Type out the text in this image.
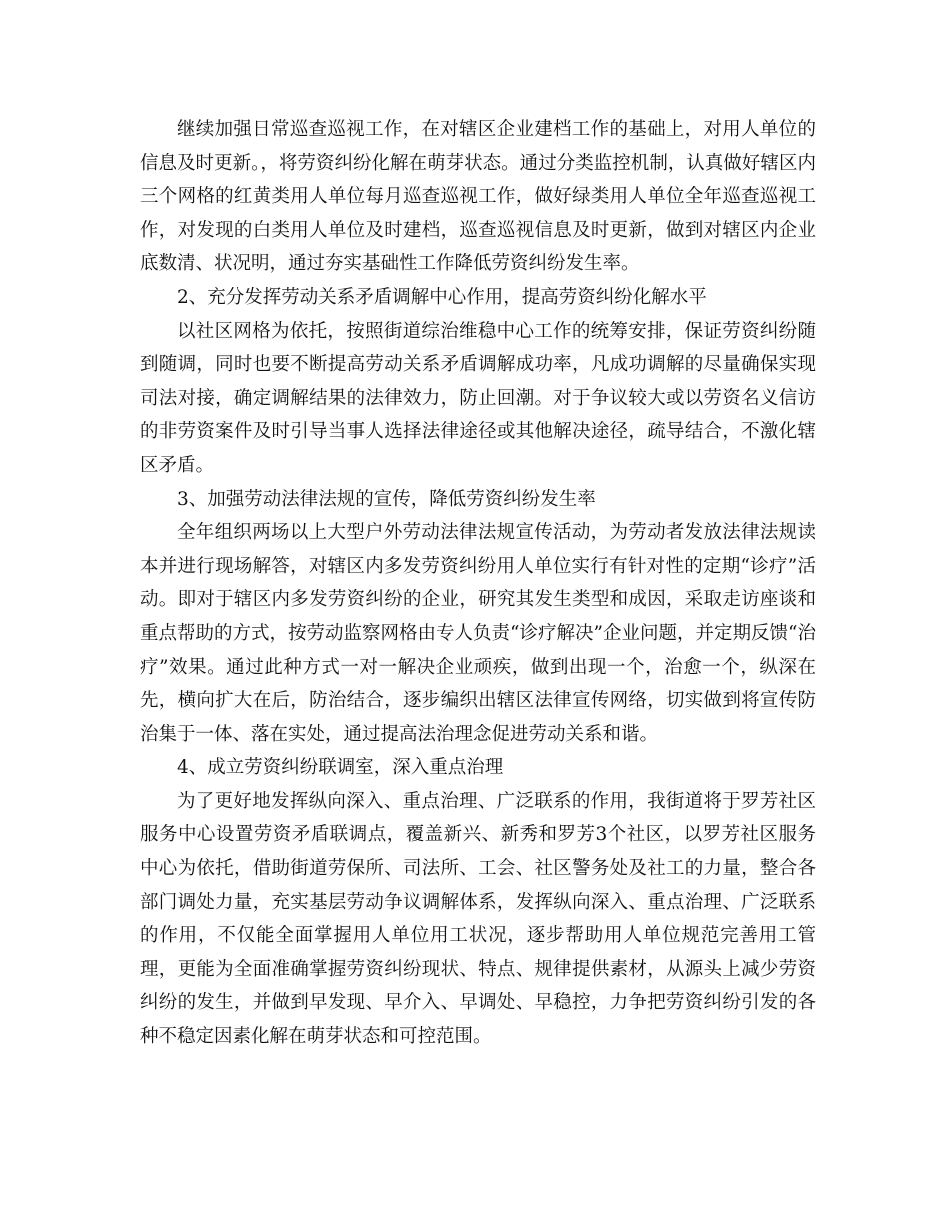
继续加强日常巡查巡视工作，在对辖区企业建档工作的基础上，对用人单位的信息及时更新。，将劳资纠纷化解在萌芽状态。通过分类监控机制，认真做好辖区内三个网格的红黄类用人单位每月巡查巡视工作，做好绿类用人单位全年巡查巡视工作，对发现的白类用人单位及时建档，巡查巡视信息及时更新，做到对辖区内企业底数清、状况明，通过夯实基础性工作降低劳资纠纷发生率。

2、充分发挥劳动关系矛盾调解中心作用，提高劳资纠纷化解水平

以社区网格为依托，按照街道综治维稳中心工作的统筹安排，保证劳资纠纷随到随调，同时也要不断提高劳动关系矛盾调解成功率，凡成功调解的尽量确保实现司法对接，确定调解结果的法律效力，防止回潮。对于争议较大或以劳资名义信访的非劳资案件及时引导当事人选择法律途径或其他解决途径，疏导结合，不激化辖区矛盾。

3、加强劳动法律法规的宣传，降低劳资纠纷发生率

全年组织两场以上大型户外劳动法律法规宣传活动，为劳动者发放法律法规读本并进行现场解答，对辖区内多发劳资纠纷用人单位实行有针对性的定期“诊疗”活动。即对于辖区内多发劳资纠纷的企业，研究其发生类型和成因，采取走访座谈和重点帮助的方式，按劳动监察网格由专人负责“诊疗解决”企业问题，并定期反馈“治疗”效果。通过此种方式一对一解决企业顽疾，做到出现一个，治愈一个，纵深在先，横向扩大在后，防治结合，逐步编织出辖区法律宣传网络，切实做到将宣传防治集于一体、落在实处，通过提高法治理念促进劳动关系和谐。

4、成立劳资纠纷联调室，深入重点治理

为了更好地发挥纵向深入、重点治理、广泛联系的作用，我街道将于罗芳社区服务中心设置劳资矛盾联调点，覆盖新兴、新秀和罗芳3个社区，以罗芳社区服务中心为依托，借助街道劳保所、司法所、工会、社区警务处及社工的力量，整合各部门调处力量，充实基层劳动争议调解体系，发挥纵向深入、重点治理、广泛联系的作用，不仅能全面掌握用人单位用工状况，逐步帮助用人单位规范完善用工管理，更能为全面准确掌握劳资纠纷现状、特点、规律提供素材，从源头上减少劳资纠纷的发生，并做到早发现、早介入、早调处、早稳控，力争把劳资纠纷引发的各种不稳定因素化解在萌芽状态和可控范围。
